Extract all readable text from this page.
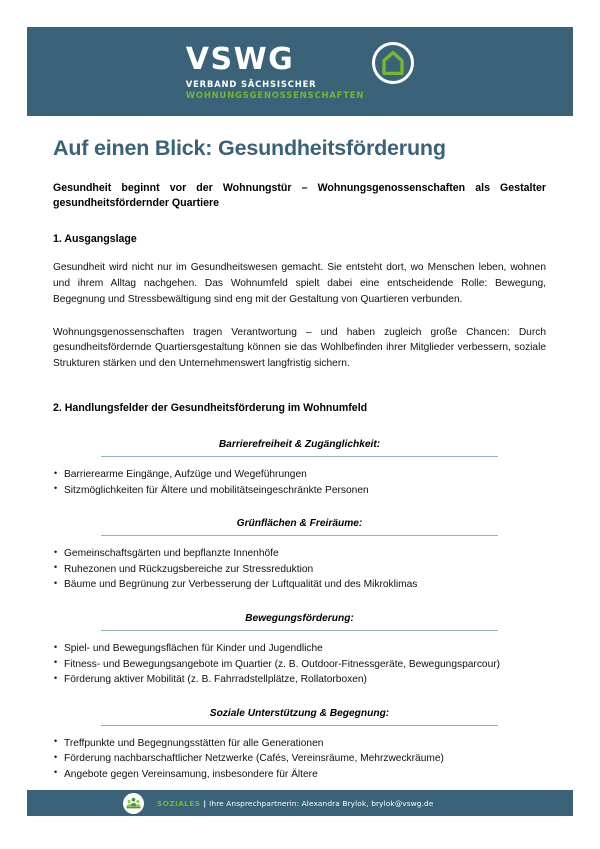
VSWG
VERBAND SÄCHSISCHER
WOHNUNGSGENOSSENSCHAFTEN
Auf einen Blick: Gesundheitsförderung

Gesundheit beginnt vor der Wohnungstür – Wohnungsgenossenschaften als Gestalter gesundheitsfördernder Quartiere

1. Ausgangslage

Gesundheit wird nicht nur im Gesundheitswesen gemacht. Sie entsteht dort, wo Menschen leben, wohnen und ihrem Alltag nachgehen. Das Wohnumfeld spielt dabei eine entscheidende Rolle: Bewegung, Begegnung und Stressbewältigung sind eng mit der Gestaltung von Quartieren verbunden.

Wohnungsgenossenschaften tragen Verantwortung – und haben zugleich große Chancen: Durch gesundheitsfördernde Quartiersgestaltung können sie das Wohlbefinden ihrer Mitglieder verbessern, soziale Strukturen stärken und den Unternehmenswert langfristig sichern.

2. Handlungsfelder der Gesundheitsförderung im Wohnumfeld

Barrierefreiheit & Zugänglichkeit:

• Barrierearme Eingänge, Aufzüge und Wegeführungen
• Sitzmöglichkeiten für Ältere und mobilitätseingeschränkte Personen

Grünflächen & Freiräume:

• Gemeinschaftsgärten und bepflanzte Innenhöfe
• Ruhezonen und Rückzugsbereiche zur Stressreduktion
• Bäume und Begrünung zur Verbesserung der Luftqualität und des Mikroklimas

Bewegungsförderung:

• Spiel- und Bewegungsflächen für Kinder und Jugendliche
• Fitness- und Bewegungsangebote im Quartier (z. B. Outdoor-Fitnessgeräte, Bewegungsparcour)
• Förderung aktiver Mobilität (z. B. Fahrradstellplätze, Rollatorboxen)

Soziale Unterstützung & Begegnung:

• Treffpunkte und Begegnungsstätten für alle Generationen
• Förderung nachbarschaftlicher Netzwerke (Cafés, Vereinsräume, Mehrzweckräume)
• Angebote gegen Vereinsamung, insbesondere für Ältere
SOZIALES | Ihre Ansprechpartnerin: Alexandra Brylok, brylok@vswg.de
